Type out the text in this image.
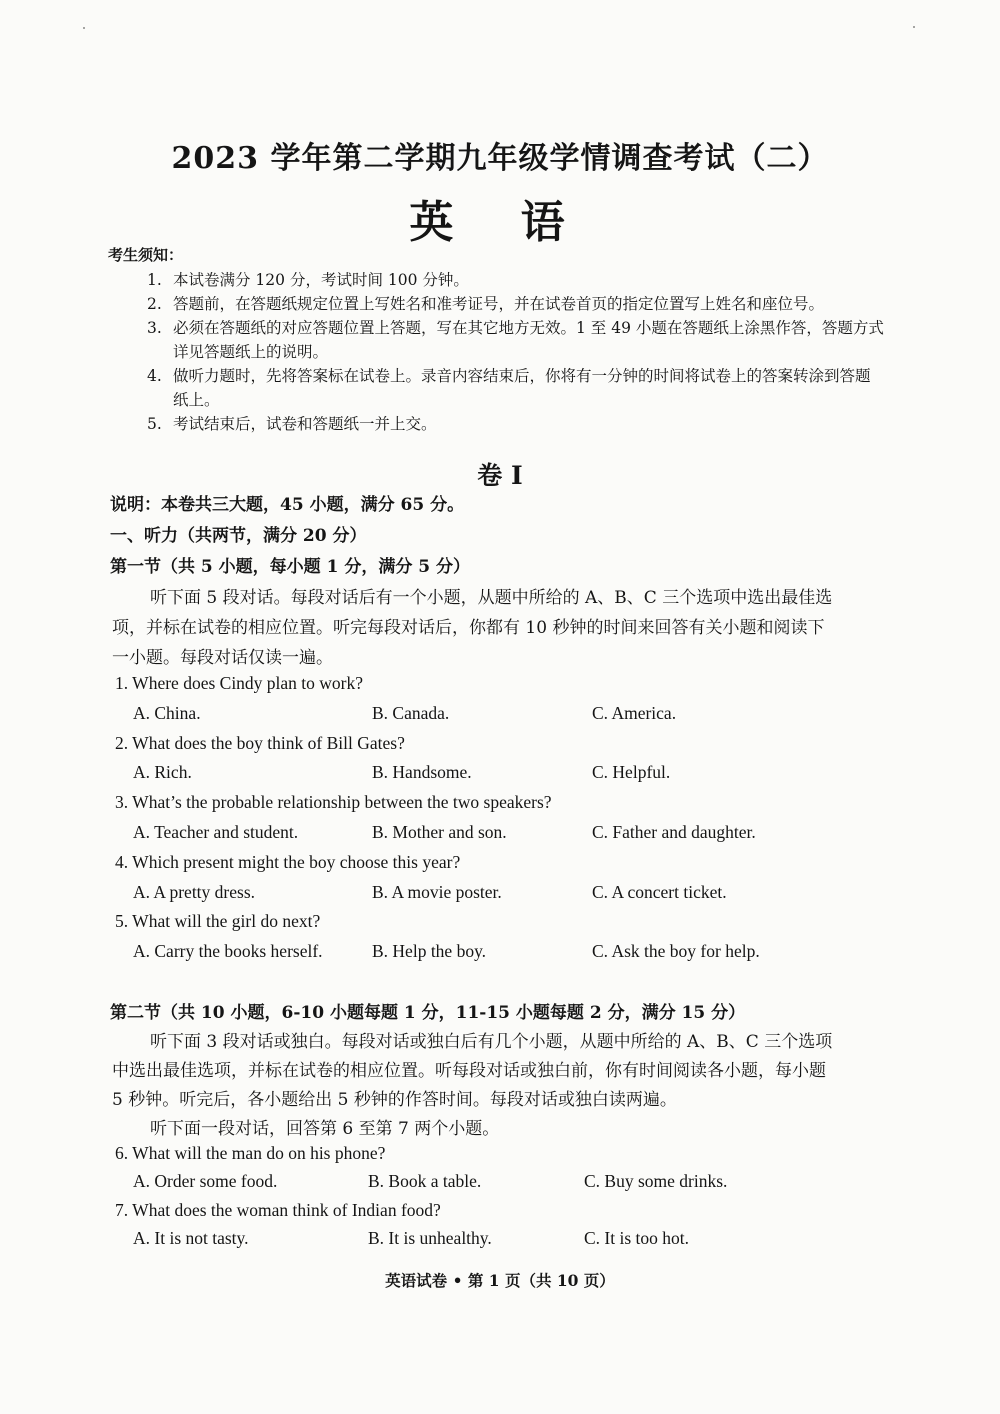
2023 学年第二学期九年级学情调查考试（二）
英 语
考生须知：
1. 本试卷满分 120 分，考试时间 100 分钟。
2. 答题前，在答题纸规定位置上写姓名和准考证号，并在试卷首页的指定位置写上姓名和座位号。
3. 必须在答题纸的对应答题位置上答题，写在其它地方无效。1 至 49 小题在答题纸上涂黑作答，答题方式
详见答题纸上的说明。
4. 做听力题时，先将答案标在试卷上。录音内容结束后，你将有一分钟的时间将试卷上的答案转涂到答题
纸上。
5. 考试结束后，试卷和答题纸一并上交。
卷 I
说明：本卷共三大题，45 小题，满分 65 分。
一、听力（共两节，满分 20 分）
第一节（共 5 小题，每小题 1 分，满分 5 分）
听下面 5 段对话。每段对话后有一个小题，从题中所给的 A、B、C 三个选项中选出最佳选
项，并标在试卷的相应位置。听完每段对话后，你都有 10 秒钟的时间来回答有关小题和阅读下
一小题。每段对话仅读一遍。
1. Where does Cindy plan to work?
A. China.	B. Canada.	C. America.
2. What does the boy think of Bill Gates?
A. Rich.	B. Handsome.	C. Helpful.
3. What’s the probable relationship between the two speakers?
A. Teacher and student.	B. Mother and son.	C. Father and daughter.
4. Which present might the boy choose this year?
A. A pretty dress.	B. A movie poster.	C. A concert ticket.
5. What will the girl do next?
A. Carry the books herself.	B. Help the boy.	C. Ask the boy for help.
第二节（共 10 小题，6-10 小题每题 1 分，11-15 小题每题 2 分，满分 15 分）
听下面 3 段对话或独白。每段对话或独白后有几个小题，从题中所给的 A、B、C 三个选项
中选出最佳选项，并标在试卷的相应位置。听每段对话或独白前，你有时间阅读各小题，每小题
5 秒钟。听完后，各小题给出 5 秒钟的作答时间。每段对话或独白读两遍。
听下面一段对话，回答第 6 至第 7 两个小题。
6. What will the man do on his phone?
A. Order some food.	B. Book a table.	C. Buy some drinks.
7. What does the woman think of Indian food?
A. It is not tasty.	B. It is unhealthy.	C. It is too hot.
英语试卷 • 第 1 页（共 10 页）
